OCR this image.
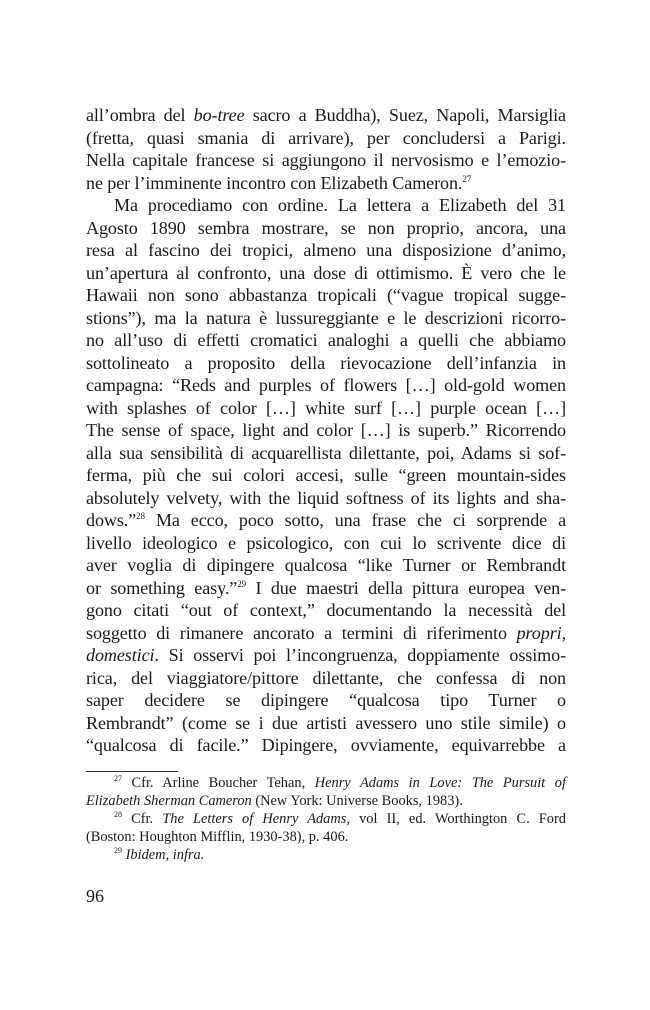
all’ombra del bo-tree sacro a Buddha), Suez, Napoli, Marsiglia
(fretta, quasi smania di arrivare), per concludersi a Parigi.
Nella capitale francese si aggiungono il nervosismo e l’emozio-
ne per l’imminente incontro con Elizabeth Cameron.$^{27}$
Ma procediamo con ordine. La lettera a Elizabeth del 31
Agosto 1890 sembra mostrare, se non proprio, ancora, una
resa al fascino dei tropici, almeno una disposizione d’animo,
un’apertura al confronto, una dose di ottimismo. È vero che le
Hawaii non sono abbastanza tropicali (“vague tropical sugge-
stions”), ma la natura è lussureggiante e le descrizioni ricorro-
no all’uso di effetti cromatici analoghi a quelli che abbiamo
sottolineato a proposito della rievocazione dell’infanzia in
campagna: “Reds and purples of flowers […] old-gold women
with splashes of color […] white surf […] purple ocean […]
The sense of space, light and color […] is superb.” Ricorrendo
alla sua sensibilità di acquarellista dilettante, poi, Adams si sof-
ferma, più che sui colori accesi, sulle “green mountain-sides
absolutely velvety, with the liquid softness of its lights and sha-
dows.”$^{28}$ Ma ecco, poco sotto, una frase che ci sorprende a
livello ideologico e psicologico, con cui lo scrivente dice di
aver voglia di dipingere qualcosa “like Turner or Rembrandt
or something easy.”$^{29}$ I due maestri della pittura europea ven-
gono citati “out of context,” documentando la necessità del
soggetto di rimanere ancorato a termini di riferimento propri,
domestici. Si osservi poi l’incongruenza, doppiamente ossimo-
rica, del viaggiatore/pittore dilettante, che confessa di non
saper decidere se dipingere “qualcosa tipo Turner o
Rembrandt” (come se i due artisti avessero uno stile simile) o
“qualcosa di facile.” Dipingere, ovviamente, equivarrebbe a
$^{27}$ Cfr. Arline Boucher Tehan, Henry Adams in Love: The Pursuit of
Elizabeth Sherman Cameron (New York: Universe Books, 1983).
$^{28}$ Cfr. The Letters of Henry Adams, vol II, ed. Worthington C. Ford
(Boston: Houghton Mifflin, 1930-38), p. 406.
$^{29}$ Ibidem, infra.
96
